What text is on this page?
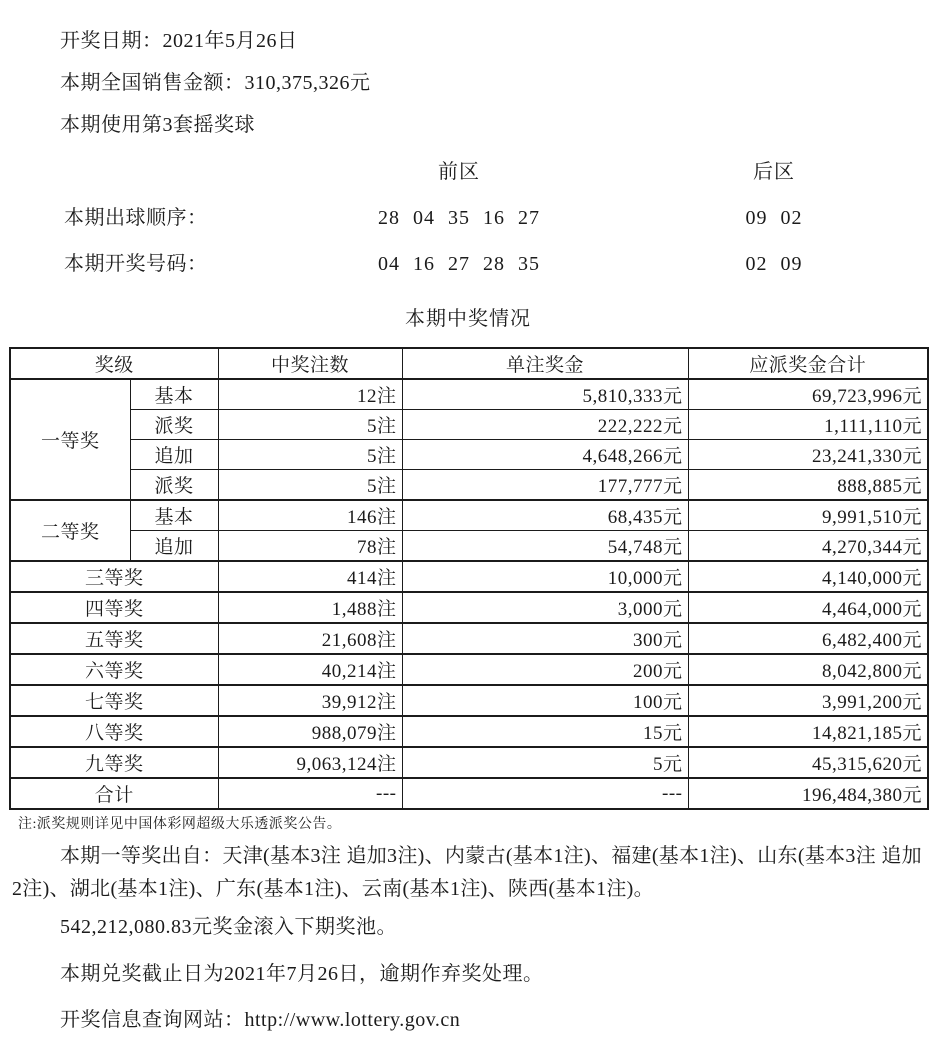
开奖日期：2021年5月26日

本期全国销售金额：310,375,326元

本期使用第3套摇奖球

前区	后区
本期出球顺序：	28 04 35 16 27	09 02
本期开奖号码：	04 16 27 28 35	02 09
本期中奖情况
奖级		中奖注数	单注奖金	应派奖金合计
一等奖	基本	12注	5,810,333元	69,723,996元
	派奖	5注	222,222元	1,111,110元
	追加	5注	4,648,266元	23,241,330元
	派奖	5注	177,777元	888,885元
二等奖	基本	146注	68,435元	9,991,510元
	追加	78注	54,748元	4,270,344元
三等奖		414注	10,000元	4,140,000元
四等奖		1,488注	3,000元	4,464,000元
五等奖		21,608注	300元	6,482,400元
六等奖		40,214注	200元	8,042,800元
七等奖		39,912注	100元	3,991,200元
八等奖		988,079注	15元	14,821,185元
九等奖		9,063,124注	5元	45,315,620元
合计		---	---	196,484,380元

注:派奖规则详见中国体彩网超级大乐透派奖公告。

本期一等奖出自：天津(基本3注 追加3注)、内蒙古(基本1注)、福建(基本1注)、山东(基本3注 追加2注)、湖北(基本1注)、广东(基本1注)、云南(基本1注)、陕西(基本1注)。

542,212,080.83元奖金滚入下期奖池。

本期兑奖截止日为2021年7月26日，逾期作弃奖处理。

开奖信息查询网站：http://www.lottery.gov.cn
